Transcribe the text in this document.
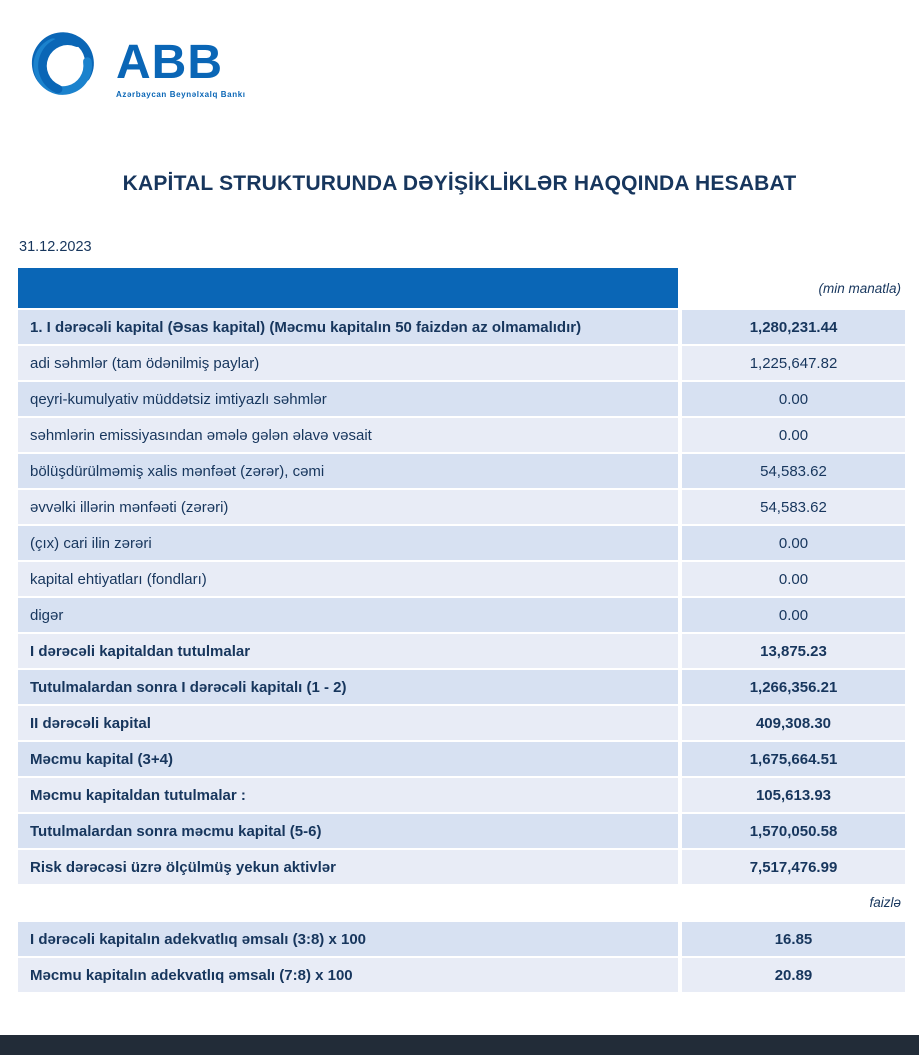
ABB
Azərbaycan Beynəlxalq Bankı
KAPİTAL STRUKTURUNDA DƏYİŞİKLİKLƏR HAQQINDA HESABAT
31.12.2023
(min manatla)
1. I dərəcəli kapital (Əsas kapital) (Məcmu kapitalın 50 faizdən az olmamalıdır)	1,280,231.44
adi səhmlər (tam ödənilmiş paylar)	1,225,647.82
qeyri-kumulyativ müddətsiz imtiyazlı səhmlər	0.00
səhmlərin emissiyasından əmələ gələn əlavə vəsait	0.00
bölüşdürülməmiş xalis mənfəət (zərər), cəmi	54,583.62
əvvəlki illərin mənfəəti (zərəri)	54,583.62
(çıx) cari ilin zərəri	0.00
kapital ehtiyatları (fondları)	0.00
digər	0.00
I dərəcəli kapitaldan tutulmalar	13,875.23
Tutulmalardan sonra I dərəcəli kapitalı (1 - 2)	1,266,356.21
II dərəcəli kapital	409,308.30
Məcmu kapital (3+4)	1,675,664.51
Məcmu kapitaldan tutulmalar :	105,613.93
Tutulmalardan sonra məcmu kapital (5-6)	1,570,050.58
Risk dərəcəsi üzrə ölçülmüş yekun aktivlər	7,517,476.99
faizlə
I dərəcəli kapitalın adekvatlıq əmsalı (3:8) x 100	16.85
Məcmu kapitalın adekvatlıq əmsalı (7:8) x 100	20.89
